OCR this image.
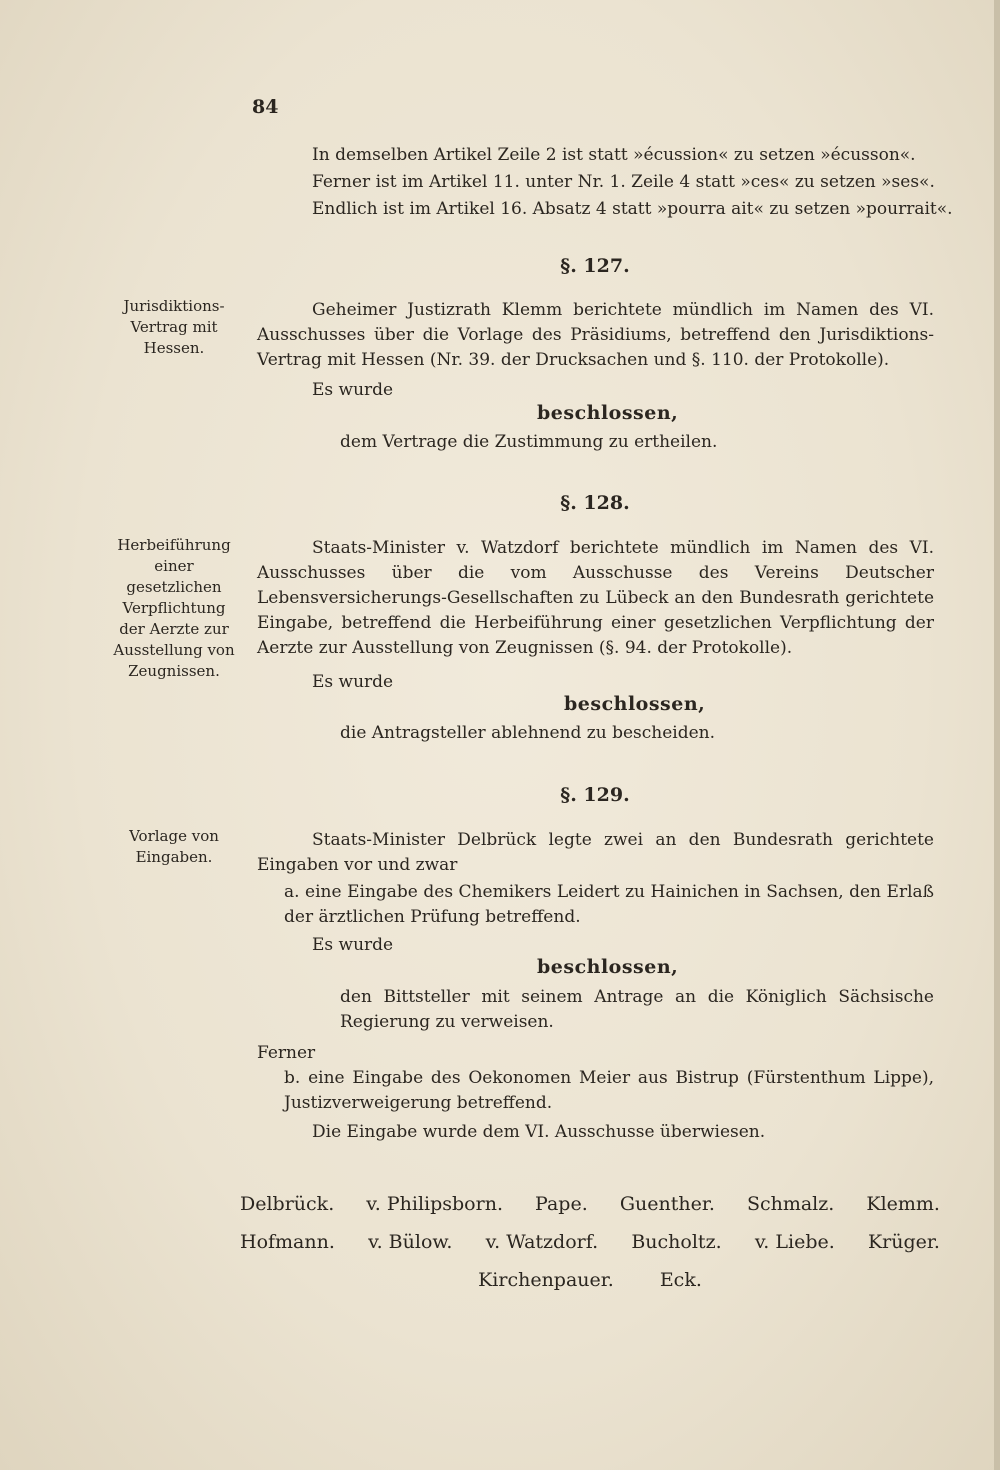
84
In demselben Artikel Zeile 2 ist statt »écussion« zu setzen »écusson«.
Ferner ist im Artikel 11. unter Nr. 1. Zeile 4 statt »ces« zu setzen »ses«.
Endlich ist im Artikel 16. Absatz 4 statt »pourra ait« zu setzen »pourrait«.
§. 127.
Jurisdiktions-Vertrag mit Hessen.
Geheimer Justizrath Klemm berichtete mündlich im Namen des VI. Ausschusses über die Vorlage des Präsidiums, betreffend den Jurisdiktions-Vertrag mit Hessen (Nr. 39. der Drucksachen und §. 110. der Protokolle).
Es wurde
beschlossen,
dem Vertrage die Zustimmung zu ertheilen.
§. 128.
Herbeiführung einer gesetzlichen Verpflichtung der Aerzte zur Ausstellung von Zeugnissen.
Staats-Minister v. Watzdorf berichtete mündlich im Namen des VI. Ausschusses über die vom Ausschusse des Vereins Deutscher Lebensversicherungs-Gesellschaften zu Lübeck an den Bundesrath gerichtete Eingabe, betreffend die Herbeiführung einer gesetzlichen Verpflichtung der Aerzte zur Ausstellung von Zeugnissen (§. 94. der Protokolle).
Es wurde
beschlossen,
die Antragsteller ablehnend zu bescheiden.
§. 129.
Vorlage von Eingaben.
Staats-Minister Delbrück legte zwei an den Bundesrath gerichtete Eingaben vor und zwar
a. eine Eingabe des Chemikers Leidert zu Hainichen in Sachsen, den Erlaß der ärztlichen Prüfung betreffend.
Es wurde
beschlossen,
den Bittsteller mit seinem Antrage an die Königlich Sächsische Regierung zu verweisen.
Ferner
b. eine Eingabe des Oekonomen Meier aus Bistrup (Fürstenthum Lippe), Justizverweigerung betreffend.
Die Eingabe wurde dem VI. Ausschusse überwiesen.
Delbrück. v. Philipsborn. Pape. Guenther. Schmalz. Klemm.
Hofmann. v. Bülow. v. Watzdorf. Bucholtz. v. Liebe. Krüger.
Kirchenpauer. Eck.
